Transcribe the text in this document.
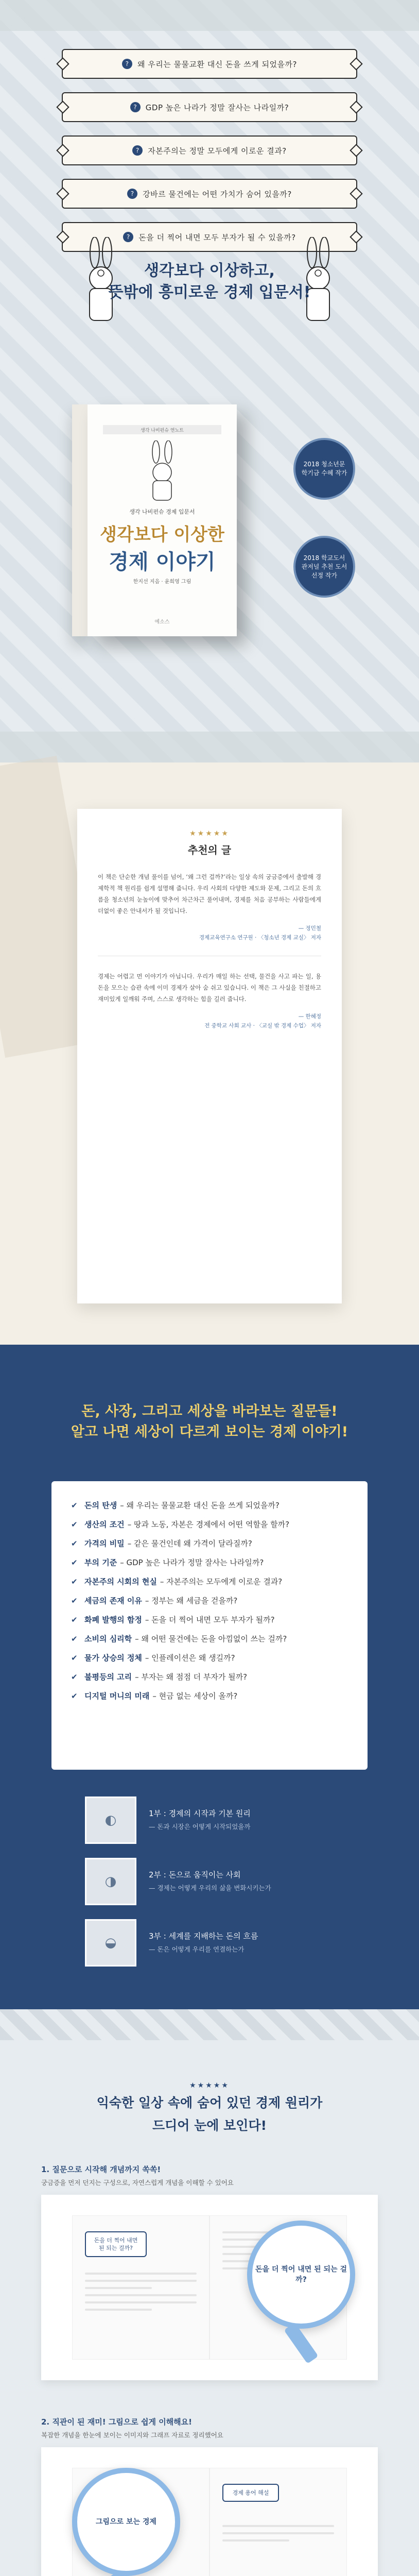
?	왜 우리는 물물교환 대신 돈을 쓰게 되었을까?
?	GDP 높은 나라가 정말 잘사는 나라일까?
?	자본주의는 정말 모두에게 이로운 결과?
?	강바르 물건에는 어떤 가치가 숨어 있을까?
?	돈을 더 찍어 내면 모두 부자가 될 수 있을까?
생각보다 이상하고,
뜻밖에 흥미로운 경제 입문서!
생각 나비펀슈 연노트
생각 나비펀슈 경제 입문서
생각보다 이상한
경제 이야기
한지선 지음 · 윤희영 그림
예소스
2018 청소년문학기금 수혜 작가
2018 학교도서관저널 추천 도서 선정 작가
★★★★★
추천의 글

이 책은 단순한 개념 풀이를 넘어, ‘왜 그런 걸까?’라는 일상 속의 궁금증에서 출발해 경제학적 책 원리를 쉽게 설명해 줍니다. 우리 사회의 다양한 제도와 문제, 그리고 돈의 흐름을 청소년의 눈높이에 맞추어 차근차근 풀어내며, 경제를 처음 공부하는 사람들에게 더없이 좋은 안내서가 될 것입니다.

— 정민철
경제교육연구소 연구원 · 〈청소년 경제 교실〉 저자

경제는 어렵고 먼 이야기가 아닙니다. 우리가 매일 하는 선택, 물건을 사고 파는 일, 용돈을 모으는 습관 속에 이미 경제가 살아 숨 쉬고 있습니다. 이 책은 그 사실을 친절하고 재미있게 일깨워 주며, 스스로 생각하는 힘을 길러 줍니다.

— 한혜정
전 중학교 사회 교사 · 〈교실 밖 경제 수업〉 저자
돈, 사장, 그리고 세상을 바라보는 질문들!
알고 나면 세상이 다르게 보이는 경제 이야기!
✔ 돈의 탄생 – 왜 우리는 물물교환 대신 돈을 쓰게 되었을까?
✔ 생산의 조건 – 땅과 노동, 자본은 경제에서 어떤 역할을 할까?
✔ 가격의 비밀 – 같은 물건인데 왜 가격이 달라질까?
✔ 부의 기준 – GDP 높은 나라가 정말 잘사는 나라일까?
✔ 자본주의 시회의 현실 – 자본주의는 모두에게 이로운 결과?
✔ 세금의 존재 이유 – 정부는 왜 세금을 걷을까?
✔ 화폐 발행의 함정 – 돈을 더 찍어 내면 모두 부자가 될까?
✔ 소비의 심리학 – 왜 어떤 물건에는 돈을 아낌없이 쓰는 걸까?
✔ 물가 상승의 정체 – 인플레이션은 왜 생길까?
✔ 불평등의 고리 – 부자는 왜 점점 더 부자가 될까?
✔ 디지털 머니의 미래 – 현금 없는 세상이 올까?
◐	1부 : 경제의 시작과 기본 원리
— 돈과 시장은 어떻게 시작되었을까
◑	2부 : 돈으로 움직이는 사회
— 경제는 어떻게 우리의 삶을 변화시키는가
◒	3부 : 세계를 지배하는 돈의 흐름
— 돈은 어떻게 우리를 연결하는가
★★★★★
익숙한 일상 속에 숨어 있던 경제 원리가
드디어 눈에 보인다!
1. 질문으로 시작해 개념까지 쏙쏙!
궁금증을 먼저 던지는 구성으로, 자연스럽게 개념을 이해할 수 있어요
돈을 더 찍어 내면 된 되는 걸까?
돈을 더 찍어 내면 된 되는 걸까?
2. 직관이 된 재미! 그림으로 쉽게 이해해요!
복잡한 개념을 한눈에 보이는 이미지와 그래프 자료로 정리했어요
경제 용어 해설
그림으로 보는 경제
